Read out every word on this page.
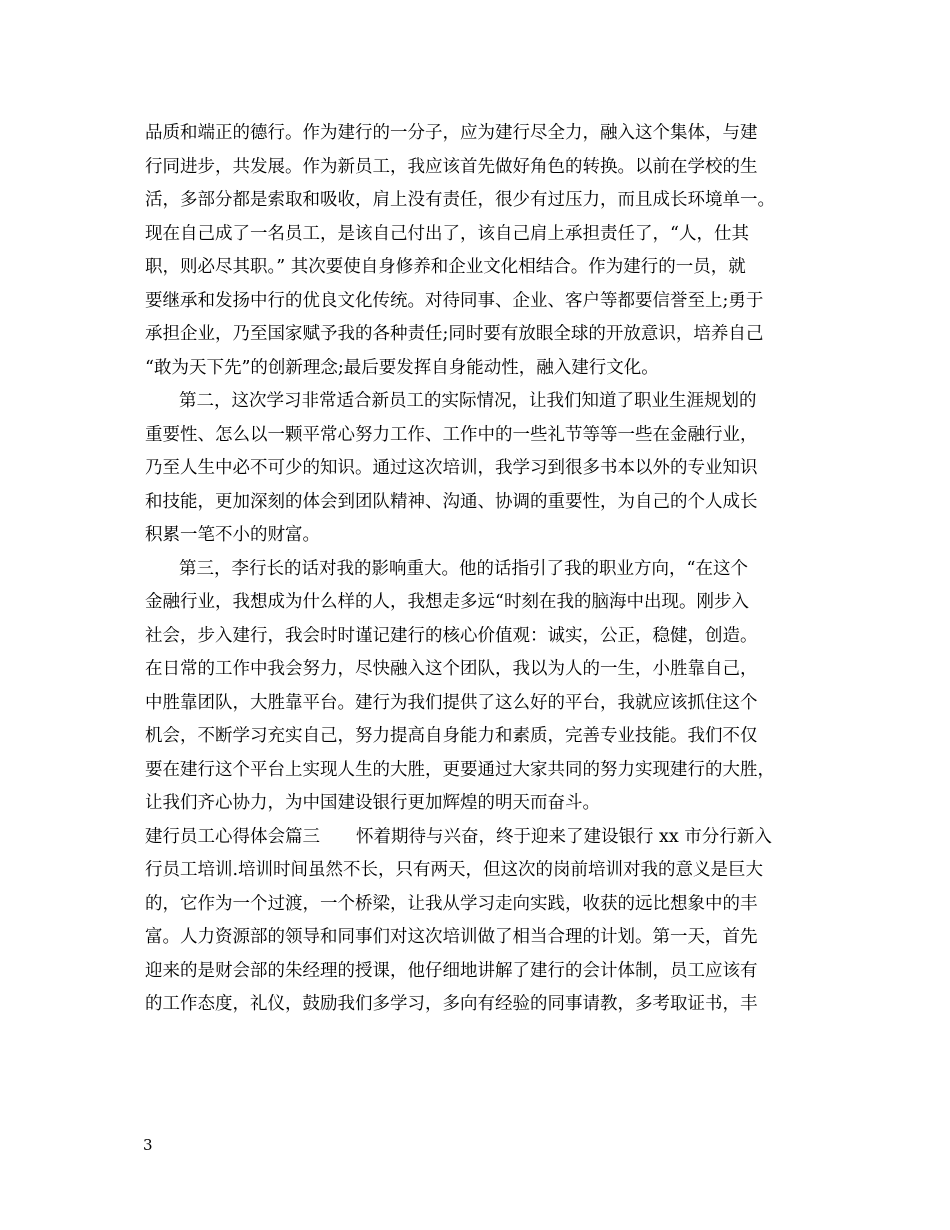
品质和端正的德行。作为建行的一分子，应为建行尽全力，融入这个集体，与建
行同进步，共发展。作为新员工，我应该首先做好角色的转换。以前在学校的生
活，多部分都是索取和吸收，肩上没有责任，很少有过压力，而且成长环境单一。
现在自己成了一名员工，是该自己付出了，该自己肩上承担责任了，“人，仕其
职，则必尽其职。” 其次要使自身修养和企业文化相结合。作为建行的一员，就
要继承和发扬中行的优良文化传统。对待同事、企业、客户等都要信誉至上;勇于
承担企业，乃至国家赋予我的各种责任;同时要有放眼全球的开放意识，培养自己
“敢为天下先”的创新理念;最后要发挥自身能动性，融入建行文化。
第二，这次学习非常适合新员工的实际情况，让我们知道了职业生涯规划的
重要性、怎么以一颗平常心努力工作、工作中的一些礼节等等一些在金融行业，
乃至人生中必不可少的知识。通过这次培训，我学习到很多书本以外的专业知识
和技能，更加深刻的体会到团队精神、沟通、协调的重要性，为自己的个人成长
积累一笔不小的财富。
第三，李行长的话对我的影响重大。他的话指引了我的职业方向，“在这个
金融行业，我想成为什么样的人，我想走多远“时刻在我的脑海中出现。刚步入
社会，步入建行，我会时时谨记建行的核心价值观：诚实，公正，稳健，创造。
在日常的工作中我会努力，尽快融入这个团队，我以为人的一生，小胜靠自己，
中胜靠团队，大胜靠平台。建行为我们提供了这么好的平台，我就应该抓住这个
机会，不断学习充实自己，努力提高自身能力和素质，完善专业技能。我们不仅
要在建行这个平台上实现人生的大胜，更要通过大家共同的努力实现建行的大胜，
让我们齐心协力，为中国建设银行更加辉煌的明天而奋斗。
建行员工心得体会篇三 怀着期待与兴奋，终于迎来了建设银行 xx 市分行新入
行员工培训.培训时间虽然不长，只有两天，但这次的岗前培训对我的意义是巨大
的，它作为一个过渡，一个桥梁，让我从学习走向实践，收获的远比想象中的丰
富。人力资源部的领导和同事们对这次培训做了相当合理的计划。第一天，首先
迎来的是财会部的朱经理的授课，他仔细地讲解了建行的会计体制，员工应该有
的工作态度，礼仪，鼓励我们多学习，多向有经验的同事请教，多考取证书，丰
3
